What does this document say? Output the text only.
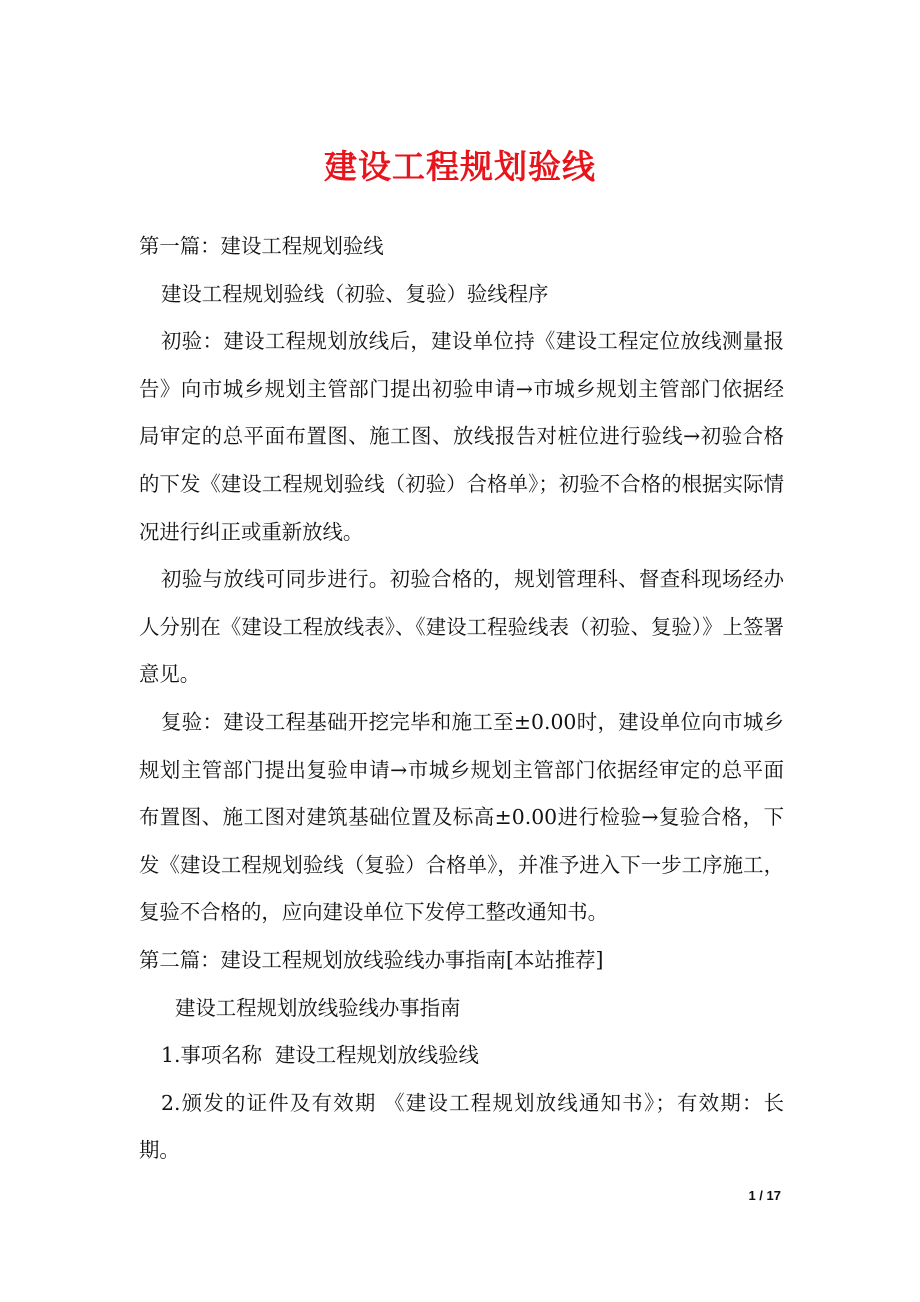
建设工程规划验线

第一篇：建设工程规划验线

建设工程规划验线（初验、复验）验线程序

初验：建设工程规划放线后，建设单位持《建设工程定位放线测量报告》向市城乡规划主管部门提出初验申请→市城乡规划主管部门依据经局审定的总平面布置图、施工图、放线报告对桩位进行验线→初验合格的下发《建设工程规划验线（初验）合格单》；初验不合格的根据实际情况进行纠正或重新放线。

初验与放线可同步进行。初验合格的，规划管理科、督查科现场经办人分别在《建设工程放线表》、《建设工程验线表（初验、复验）》上签署意见。

复验：建设工程基础开挖完毕和施工至±0.00时，建设单位向市城乡规划主管部门提出复验申请→市城乡规划主管部门依据经审定的总平面布置图、施工图对建筑基础位置及标高±0.00进行检验→复验合格，下发《建设工程规划验线（复验）合格单》，并准予进入下一步工序施工，复验不合格的，应向建设单位下发停工整改通知书。

第二篇：建设工程规划放线验线办事指南[本站推荐]

建设工程规划放线验线办事指南

1.事项名称  建设工程规划放线验线

2.颁发的证件及有效期 《建设工程规划放线通知书》；有效期：长期。

1 / 17
